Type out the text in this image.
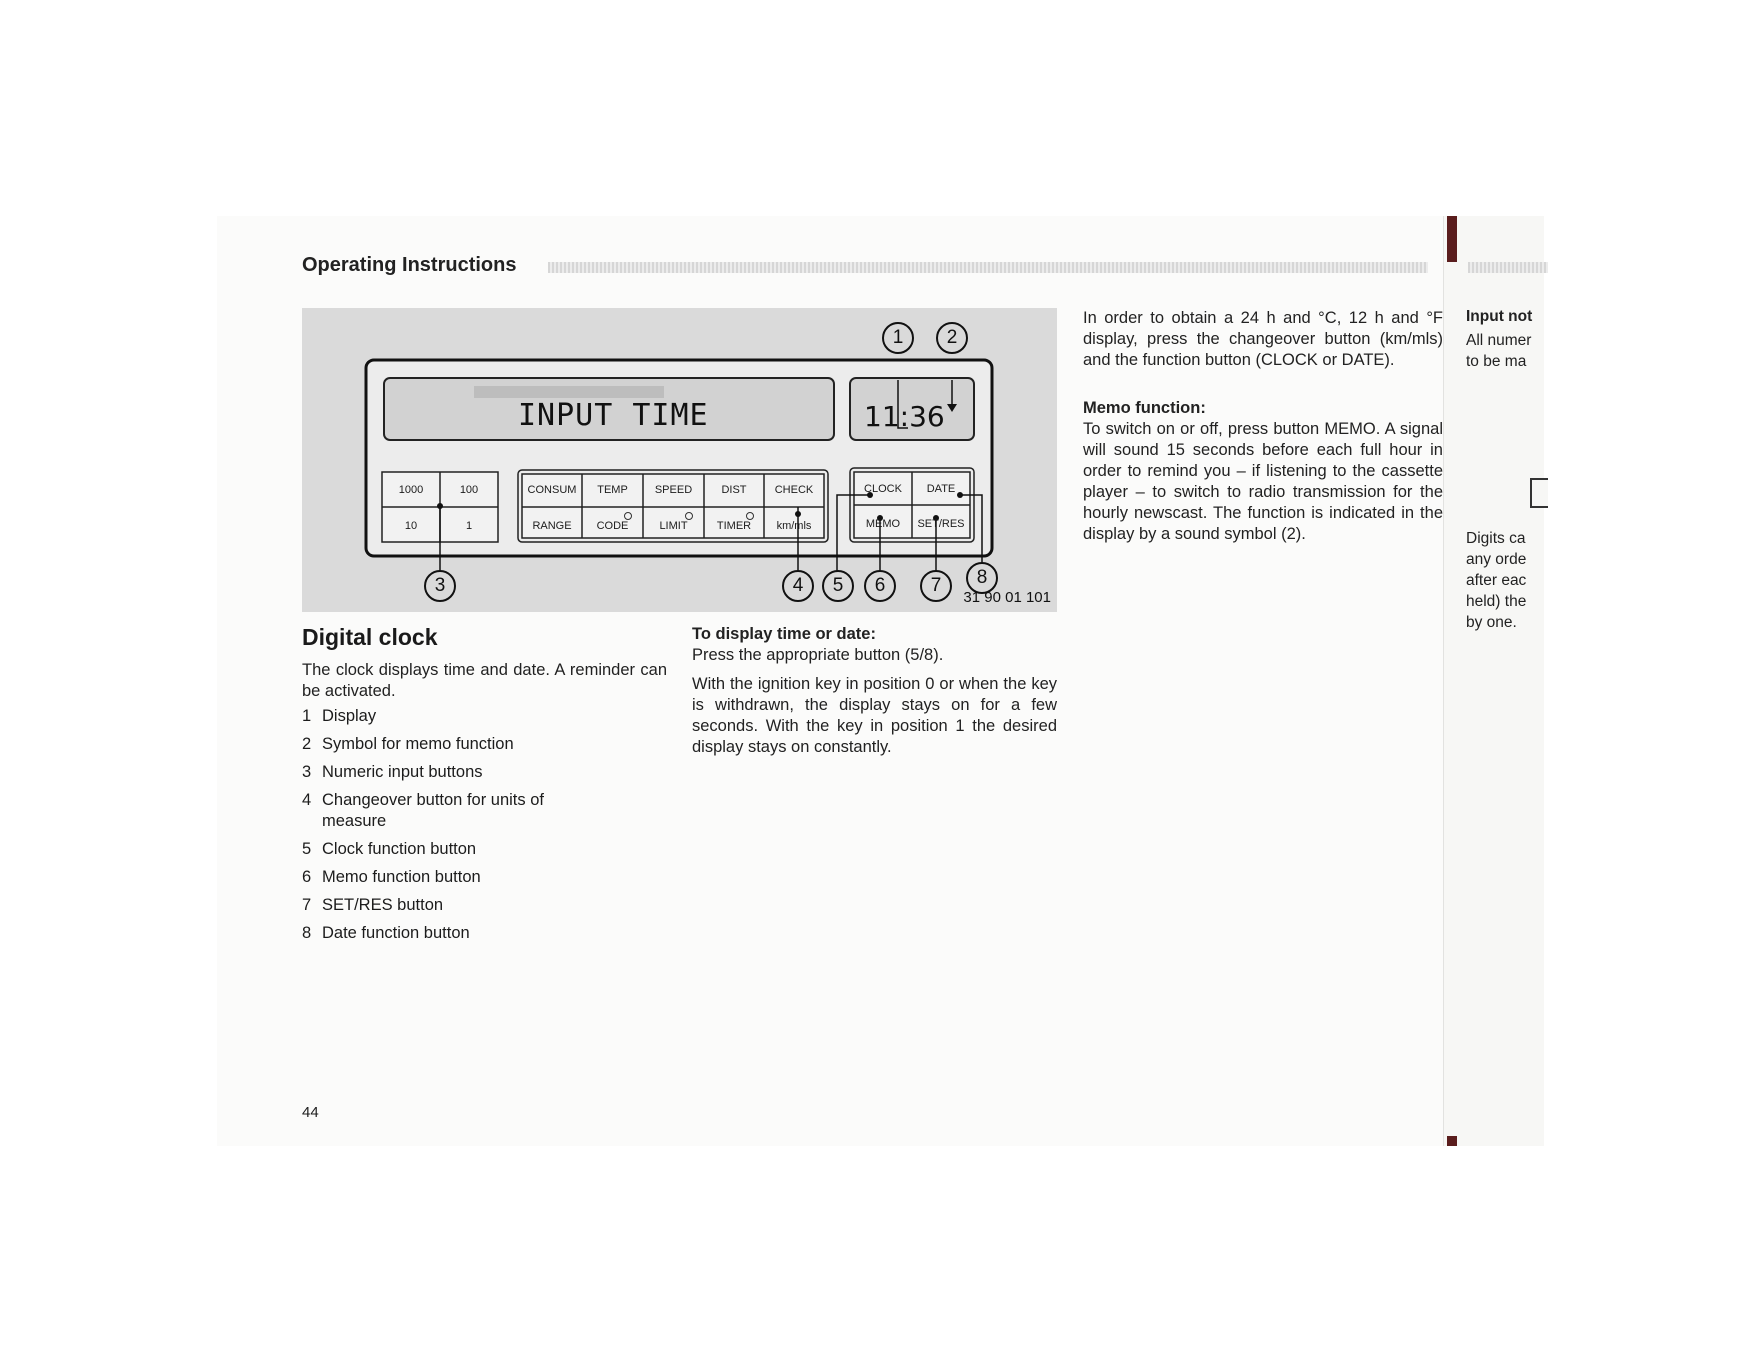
Operating Instructions
INPUT TIME	11:36
1000	100	CONSUM	TEMP	SPEED	DIST	CHECK	CLOCK	DATE
10	1	RANGE	CODE	LIMIT	TIMER	km/mls	MEMO	SET/RES
1	2
3	4	5	6	7	8
31 90 01 101
Digital clock
The clock displays time and date. A reminder can be activated.
1 Display
2 Symbol for memo function
3 Numeric input buttons
4 Changeover button for units of measure
5 Clock function button
6 Memo function button
7 SET/RES button
8 Date function button
44
To display time or date:
Press the appropriate button (5/8).
With the ignition key in position 0 or when the key is withdrawn, the display stays on for a few seconds. With the key in position 1 the desired display stays on constantly.
In order to obtain a 24 h and °C, 12 h and °F display, press the changeover button (km/mls) and the function button (CLOCK or DATE).
Memo function:
To switch on or off, press button MEMO. A signal will sound 15 seconds before each full hour in order to remind you – if listening to the cassette player – to switch to radio transmission for the hourly newscast. The function is indicated in the display by a sound symbol (2).
Input not
All numer
to be ma
Digits ca
any orde
after eac
held) the
by one.
